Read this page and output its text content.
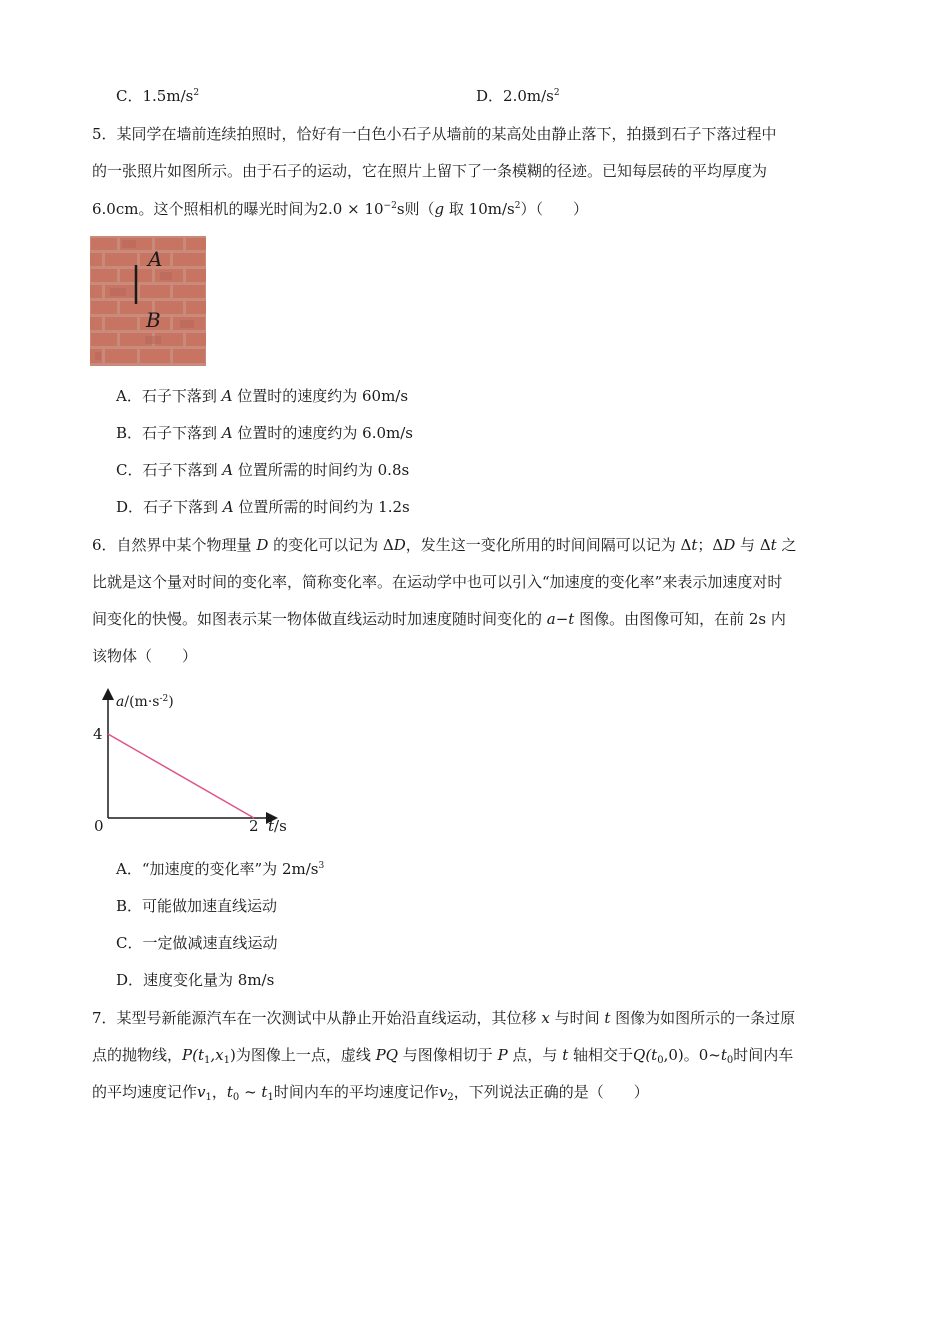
C．$1.5m/s^2$	D．$2.0m/s^2$
5．某同学在墙前连续拍照时，恰好有一白色小石子从墙前的某高处由静止落下，拍摄到石子下落过程中
的一张照片如图所示。由于石子的运动，它在照片上留下了一条模糊的径迹。已知每层砖的平均厚度为
6.0cm。这个照相机的曝光时间为$2.0 \times 10^{-2}s$则（g 取 $10m/s^2$）（　　）
A
B
A．石子下落到 A 位置时的速度约为 60m/s
B．石子下落到 A 位置时的速度约为 6.0m/s
C．石子下落到 A 位置所需的时间约为 0.8s
D．石子下落到 A 位置所需的时间约为 1.2s
6．自然界中某个物理量 D 的变化可以记为 ΔD，发生这一变化所用的时间间隔可以记为 Δt；ΔD 与 Δt 之
比就是这个量对时间的变化率，简称变化率。在运动学中也可以引入“加速度的变化率”来表示加速度对时
间变化的快慢。如图表示某一物体做直线运动时加速度随时间变化的 a−t 图像。由图像可知，在前 2s 内
该物体（　　）
$a/(m\cdot s^{-2})$
4
0	2 t/s
A．“加速度的变化率”为 $2m/s^3$
B．可能做加速直线运动
C．一定做减速直线运动
D．速度变化量为 8m/s
7．某型号新能源汽车在一次测试中从静止开始沿直线运动，其位移 x 与时间 t 图像为如图所示的一条过原
点的抛物线，$P(t_1,x_1)$为图像上一点，虚线 PQ 与图像相切于 P 点，与 t 轴相交于$Q(t_0,0)$。$0\sim t_0$时间内车
的平均速度记作$v_1$，$t_0$ ~ $t_1$时间内车的平均速度记作$v_2$，下列说法正确的是（　　）
